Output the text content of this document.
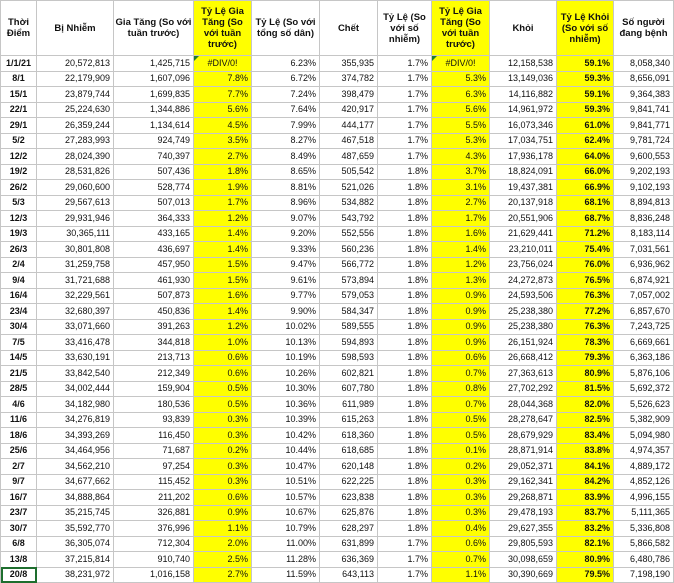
Thời Điểm	Bị Nhiễm	Gia Tăng (So với tuần trước)	Tỷ Lệ Gia Tăng (So với tuần trước)	Tỷ Lệ (So với tổng số dân)	Chết	Tỷ Lệ (So với số nhiễm)	Tỷ Lệ Gia Tăng (So với tuần trước)	Khỏi	Tỷ Lệ Khỏi (So với số nhiễm)	Số người đang bệnh
1/1/21	20,572,813	1,425,715	#DIV/0!	6.23%	355,935	1.7%	#DIV/0!	12,158,538	59.1%	8,058,340
8/1	22,179,909	1,607,096	7.8%	6.72%	374,782	1.7%	5.3%	13,149,036	59.3%	8,656,091
15/1	23,879,744	1,699,835	7.7%	7.24%	398,479	1.7%	6.3%	14,116,882	59.1%	9,364,383
22/1	25,224,630	1,344,886	5.6%	7.64%	420,917	1.7%	5.6%	14,961,972	59.3%	9,841,741
29/1	26,359,244	1,134,614	4.5%	7.99%	444,177	1.7%	5.5%	16,073,346	61.0%	9,841,771
5/2	27,283,993	924,749	3.5%	8.27%	467,518	1.7%	5.3%	17,034,751	62.4%	9,781,724
12/2	28,024,390	740,397	2.7%	8.49%	487,659	1.7%	4.3%	17,936,178	64.0%	9,600,553
19/2	28,531,826	507,436	1.8%	8.65%	505,542	1.8%	3.7%	18,824,091	66.0%	9,202,193
26/2	29,060,600	528,774	1.9%	8.81%	521,026	1.8%	3.1%	19,437,381	66.9%	9,102,193
5/3	29,567,613	507,013	1.7%	8.96%	534,882	1.8%	2.7%	20,137,918	68.1%	8,894,813
12/3	29,931,946	364,333	1.2%	9.07%	543,792	1.8%	1.7%	20,551,906	68.7%	8,836,248
19/3	30,365,111	433,165	1.4%	9.20%	552,556	1.8%	1.6%	21,629,441	71.2%	8,183,114
26/3	30,801,808	436,697	1.4%	9.33%	560,236	1.8%	1.4%	23,210,011	75.4%	7,031,561
2/4	31,259,758	457,950	1.5%	9.47%	566,772	1.8%	1.2%	23,756,024	76.0%	6,936,962
9/4	31,721,688	461,930	1.5%	9.61%	573,894	1.8%	1.3%	24,272,873	76.5%	6,874,921
16/4	32,229,561	507,873	1.6%	9.77%	579,053	1.8%	0.9%	24,593,506	76.3%	7,057,002
23/4	32,680,397	450,836	1.4%	9.90%	584,347	1.8%	0.9%	25,238,380	77.2%	6,857,670
30/4	33,071,660	391,263	1.2%	10.02%	589,555	1.8%	0.9%	25,238,380	76.3%	7,243,725
7/5	33,416,478	344,818	1.0%	10.13%	594,893	1.8%	0.9%	26,151,924	78.3%	6,669,661
14/5	33,630,191	213,713	0.6%	10.19%	598,593	1.8%	0.6%	26,668,412	79.3%	6,363,186
21/5	33,842,540	212,349	0.6%	10.26%	602,821	1.8%	0.7%	27,363,613	80.9%	5,876,106
28/5	34,002,444	159,904	0.5%	10.30%	607,780	1.8%	0.8%	27,702,292	81.5%	5,692,372
4/6	34,182,980	180,536	0.5%	10.36%	611,989	1.8%	0.7%	28,044,368	82.0%	5,526,623
11/6	34,276,819	93,839	0.3%	10.39%	615,263	1.8%	0.5%	28,278,647	82.5%	5,382,909
18/6	34,393,269	116,450	0.3%	10.42%	618,360	1.8%	0.5%	28,679,929	83.4%	5,094,980
25/6	34,464,956	71,687	0.2%	10.44%	618,685	1.8%	0.1%	28,871,914	83.8%	4,974,357
2/7	34,562,210	97,254	0.3%	10.47%	620,148	1.8%	0.2%	29,052,371	84.1%	4,889,172
9/7	34,677,662	115,452	0.3%	10.51%	622,225	1.8%	0.3%	29,162,341	84.2%	4,852,126
16/7	34,888,864	211,202	0.6%	10.57%	623,838	1.8%	0.3%	29,268,871	83.9%	4,996,155
23/7	35,215,745	326,881	0.9%	10.67%	625,876	1.8%	0.3%	29,478,193	83.7%	5,111,365
30/7	35,592,770	376,996	1.1%	10.79%	628,297	1.8%	0.4%	29,627,355	83.2%	5,336,808
6/8	36,305,074	712,304	2.0%	11.00%	631,899	1.7%	0.6%	29,805,593	82.1%	5,866,582
13/8	37,215,814	910,740	2.5%	11.28%	636,369	1.7%	0.7%	30,098,659	80.9%	6,480,786
20/8	38,231,972	1,016,158	2.7%	11.59%	643,113	1.7%	1.1%	30,390,669	79.5%	7,198,190
